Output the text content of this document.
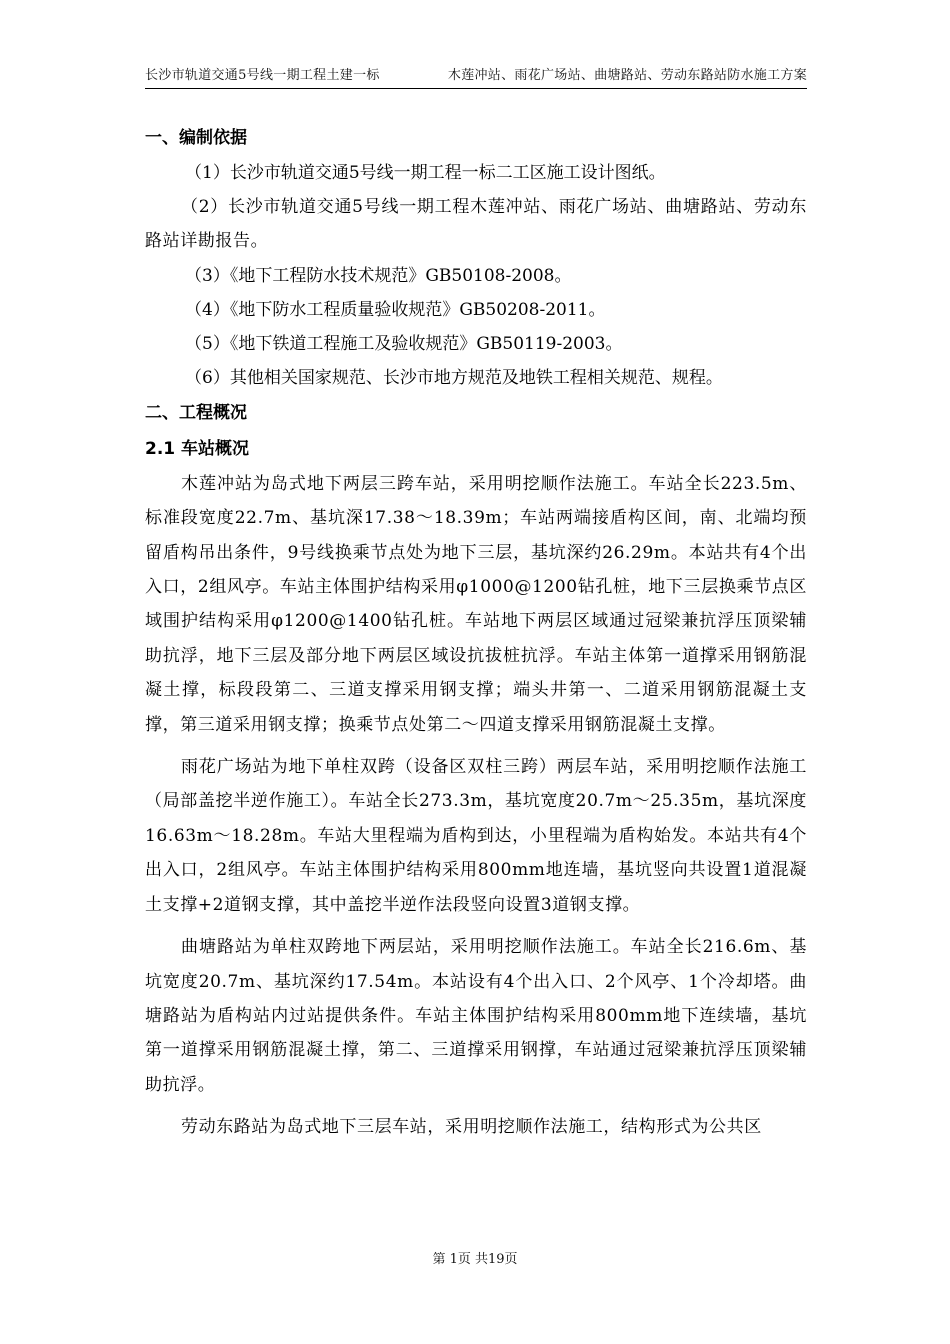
长沙市轨道交通5号线一期工程土建一标	木莲冲站、雨花广场站、曲塘路站、劳动东路站防水施工方案
一、编制依据

（1）长沙市轨道交通5号线一期工程一标二工区施工设计图纸。

（2）长沙市轨道交通5号线一期工程木莲冲站、雨花广场站、曲塘路站、劳动东路站详勘报告。

（3）《地下工程防水技术规范》GB50108-2008。

（4）《地下防水工程质量验收规范》GB50208-2011。

（5）《地下铁道工程施工及验收规范》GB50119-2003。

（6）其他相关国家规范、长沙市地方规范及地铁工程相关规范、规程。

二、工程概况
2.1 车站概况

木莲冲站为岛式地下两层三跨车站，采用明挖顺作法施工。车站全长223.5m、标准段宽度22.7m、基坑深17.38～18.39m；车站两端接盾构区间，南、北端均预留盾构吊出条件，9号线换乘节点处为地下三层，基坑深约26.29m。本站共有4个出入口，2组风亭。车站主体围护结构采用φ1000@1200钻孔桩，地下三层换乘节点区域围护结构采用φ1200@1400钻孔桩。车站地下两层区域通过冠梁兼抗浮压顶梁辅助抗浮，地下三层及部分地下两层区域设抗拔桩抗浮。车站主体第一道撑采用钢筋混凝土撑，标段段第二、三道支撑采用钢支撑；端头井第一、二道采用钢筋混凝土支撑，第三道采用钢支撑；换乘节点处第二～四道支撑采用钢筋混凝土支撑。

雨花广场站为地下单柱双跨（设备区双柱三跨）两层车站，采用明挖顺作法施工（局部盖挖半逆作施工）。车站全长273.3m，基坑宽度20.7m～25.35m，基坑深度16.63m～18.28m。车站大里程端为盾构到达，小里程端为盾构始发。本站共有4个出入口，2组风亭。车站主体围护结构采用800mm地连墙，基坑竖向共设置1道混凝土支撑+2道钢支撑，其中盖挖半逆作法段竖向设置3道钢支撑。

曲塘路站为单柱双跨地下两层站，采用明挖顺作法施工。车站全长216.6m、基坑宽度20.7m、基坑深约17.54m。本站设有4个出入口、2个风亭、1个冷却塔。曲塘路站为盾构站内过站提供条件。车站主体围护结构采用800mm地下连续墙，基坑第一道撑采用钢筋混凝土撑，第二、三道撑采用钢撑，车站通过冠梁兼抗浮压顶梁辅助抗浮。

劳动东路站为岛式地下三层车站，采用明挖顺作法施工，结构形式为公共区

第 1页 共19页
